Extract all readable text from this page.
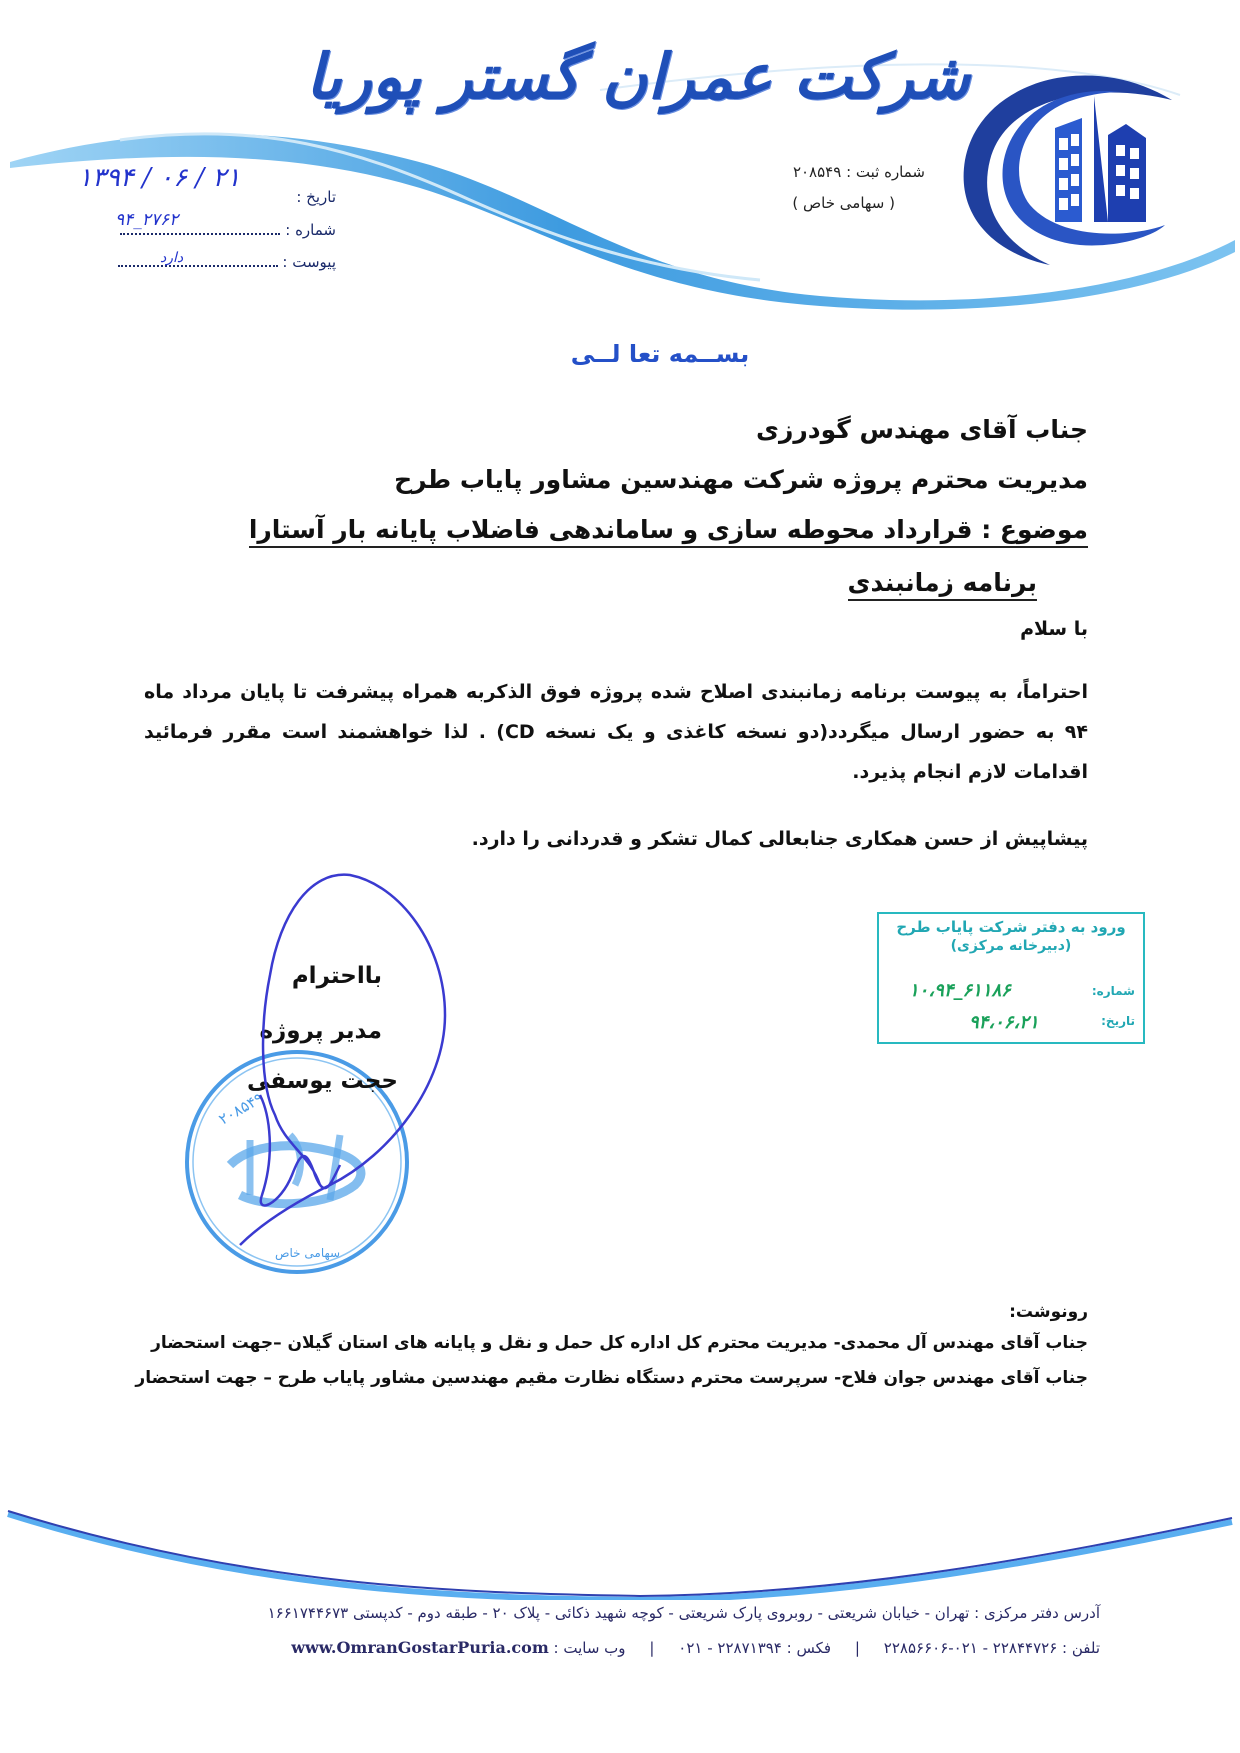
شرکت عمران گستر پوریا
شماره ثبت : ۲۰۸۵۴۹
( سهامی خاص )
تاریخ :
۱۳۹۴ / ۰۶ / ۲۱
شماره :
۹۴_۲۷۶۲
پیوست :
دارد
بســمه تعا لــی
جناب آقای مهندس گودرزی
مدیریت محترم پروژه شرکت مهندسین مشاور پایاب طرح
موضوع : قرارداد محوطه سازی و ساماندهی فاضلاب پایانه بار آستارا
برنامه زمانبندی
با سلام
احتراماً، به پیوست برنامه زمانبندی اصلاح شده پروژه فوق الذکربه همراه پیشرفت تا پایان مرداد ماه ۹۴ به حضور ارسال میگردد(دو نسخه کاغذی و یک نسخه CD) . لذا خواهشمند است مقرر فرمائید اقدامات لازم انجام پذیرد.
پیشاپیش از حسن همکاری جنابعالی کمال تشکر و قدردانی را دارد.
۲۰۸۵۴۹
سهامی خاص
بااحترام
مدیر پروژه
حجت یوسفی
ورود به دفتر شرکت پایاب طرح
(دبیرخانه مرکزی)
شماره:
۱۰،۹۴_۶۱۱۸۶
تاریخ:
۹۴،۰۶،۲۱
رونوشت:
جناب آقای مهندس آل محمدی- مدیریت محترم کل اداره کل حمل و نقل و پایانه های استان گیلان –جهت استحضار
جناب آقای مهندس جوان فلاح- سرپرست محترم دستگاه نظارت مقیم مهندسین مشاور پایاب طرح – جهت استحضار
آدرس دفتر مرکزی : تهران - خیابان شریعتی - روبروی پارک شریعتی - کوچه شهید ذکائی - پلاک ۲۰ - طبقه دوم - کدپستی ۱۶۶۱۷۴۴۶۷۳
تلفن : ۲۲۸۴۴۷۲۶ - ۰۲۱-۲۲۸۵۶۶۰۶     |     فکس : ۲۲۸۷۱۳۹۴ - ۰۲۱     |     وب سایت : www.OmranGostarPuria.com
